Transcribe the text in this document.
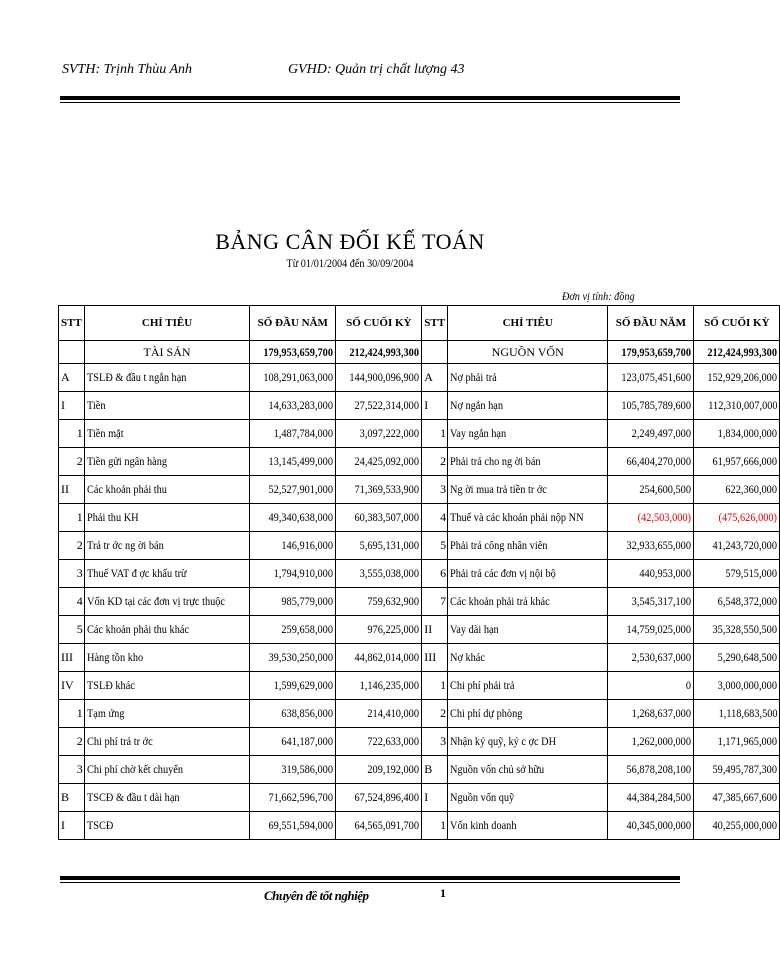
SVTH: Trịnh Thùu Anh	GVHD: Quản trị chất lượng 43
BẢNG CÂN ĐỐI KẾ TOÁN
Từ 01/01/2004 đến 30/09/2004
Đơn vị tính: đồng
STT	CHỈ TIÊU	SỐ ĐẦU NĂM	SỐ CUỐI KỲ	STT	CHỈ TIÊU	SỐ ĐẦU NĂM	SỐ CUỐI KỲ
	TÀI SẢN	179,953,659,700	212,424,993,300		NGUỒN VỐN	179,953,659,700	212,424,993,300
A	TSLĐ & đầu t ngắn hạn	108,291,063,000	144,900,096,900	A	Nợ phải trả	123,075,451,600	152,929,206,000
I	Tiền	14,633,283,000	27,522,314,000	I	Nợ ngắn hạn	105,785,789,600	112,310,007,000
1	Tiền mặt	1,487,784,000	3,097,222,000	1	Vay ngắn hạn	2,249,497,000	1,834,000,000
2	Tiền gửi ngân hàng	13,145,499,000	24,425,092,000	2	Phải trả cho ng ời bán	66,404,270,000	61,957,666,000
II	Các khoản phải thu	52,527,901,000	71,369,533,900	3	Ng ời mua trả tiền tr ớc	254,600,500	622,360,000
1	Phải thu KH	49,340,638,000	60,383,507,000	4	Thuế và các khoản phải nộp NN	(42,503,000)	(475,626,000)
2	Trả tr ớc ng ời bán	146,916,000	5,695,131,000	5	Phải trả công nhân viên	32,933,655,000	41,243,720,000
3	Thuế VAT đ ợc khấu trừ	1,794,910,000	3,555,038,000	6	Phải trả các đơn vị nội bộ	440,953,000	579,515,000
4	Vốn KD tại các đơn vị trực thuộc	985,779,000	759,632,900	7	Các khoản phải trả khác	3,545,317,100	6,548,372,000
5	Các khoản phải thu khác	259,658,000	976,225,000	II	Vay dài hạn	14,759,025,000	35,328,550,500
III	Hàng tồn kho	39,530,250,000	44,862,014,000	III	Nợ khác	2,530,637,000	5,290,648,500
IV	TSLĐ khác	1,599,629,000	1,146,235,000	1	Chi phí phải trả	0	3,000,000,000
1	Tạm ứng	638,856,000	214,410,000	2	Chi phí dự phòng	1,268,637,000	1,118,683,500
2	Chi phí trả tr ớc	641,187,000	722,633,000	3	Nhận ký quỹ, ký c ợc DH	1,262,000,000	1,171,965,000
3	Chi phí chờ kết chuyển	319,586,000	209,192,000	B	Nguồn vốn chủ sở hữu	56,878,208,100	59,495,787,300
B	TSCĐ & đầu t dài hạn	71,662,596,700	67,524,896,400	I	Nguồn vốn quỹ	44,384,284,500	47,385,667,600
I	TSCĐ	69,551,594,000	64,565,091,700	1	Vốn kinh doanh	40,345,000,000	40,255,000,000
Chuyên đề tốt nghiệp	1
